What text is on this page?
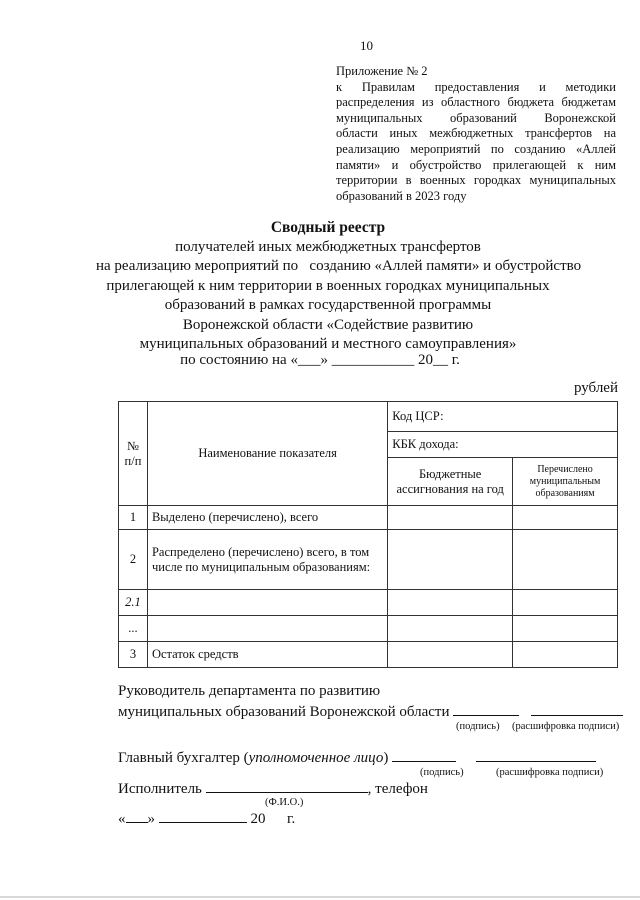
10
Приложение № 2
к Правилам предоставления и методики
распределения из областного бюджета бюджетам
муниципальных образований Воронежской
области иных межбюджетных трансфертов на
реализацию мероприятий по созданию «Аллей
памяти» и обустройство прилегающей к ним
территории в военных городках муниципальных
образований в 2023 году
Сводный реестр
получателей иных межбюджетных трансфертов
на реализацию мероприятий по   созданию «Аллей памяти» и обустройство
прилегающей к ним территории в военных городках муниципальных
образований в рамках государственной программы
Воронежской области «Содействие развитию
муниципальных образований и местного самоуправления»
по состоянию на «___» ___________ 20__ г.
рублей
№ п/п	Наименование показателя	Код ЦСР:	
		КБК дохода:	
		Бюджетные ассигнования на год	Перечислено муниципальным образованиям
1	Выделено (перечислено), всего		
2	Распределено (перечислено) всего, в том числе по муниципальным образованиям:		
2.1			
...			
3	Остаток средств		
Руководитель департамента по развитию
муниципальных образований Воронежской области
(подпись) (расшифровка подписи)
Главный бухгалтер (уполномоченное лицо)
(подпись)	(расшифровка подписи)
Исполнитель	, телефон
(Ф.И.О.)
« »	20 г.
